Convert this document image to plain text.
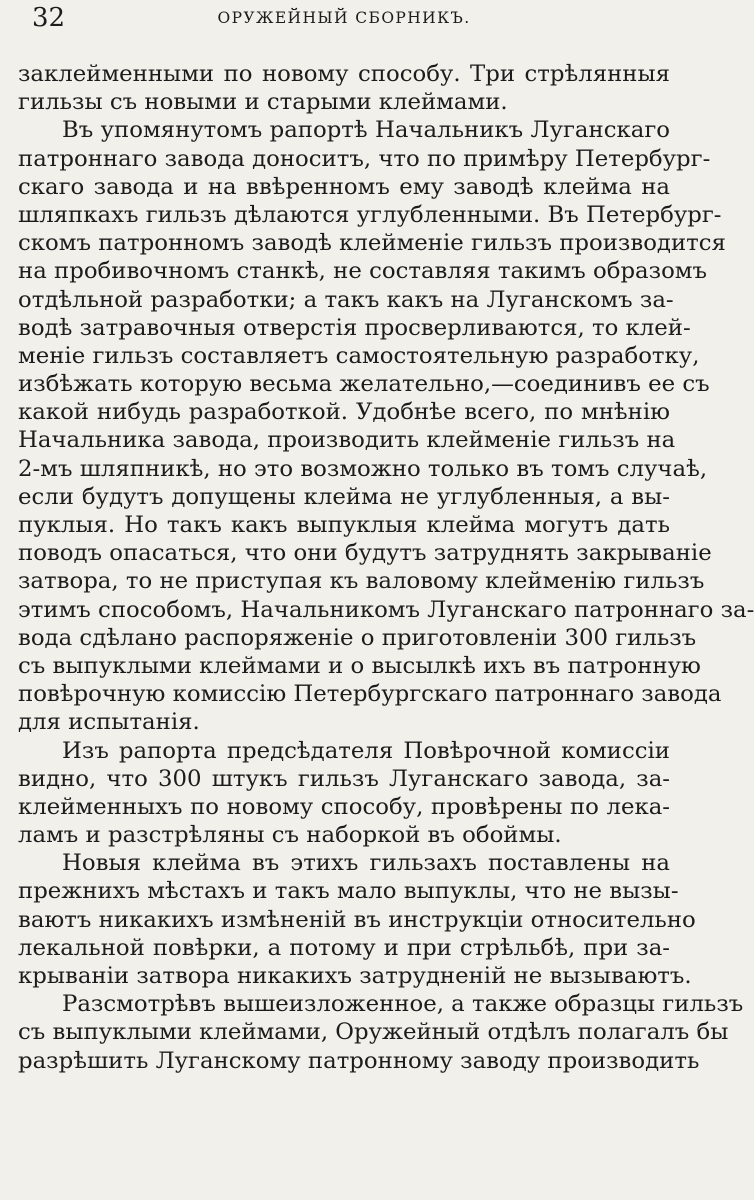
32	ОРУЖЕЙНЫЙ СБОРНИКЪ.
заклейменными по новому способу. Три стрѣлянныя
гильзы съ новыми и старыми клеймами.
Въ упомянутомъ рапортѣ Начальникъ Луганскаго
патроннаго завода доноситъ, что по примѣру Петербург-
скаго завода и на ввѣренномъ ему заводѣ клейма на
шляпкахъ гильзъ дѣлаются углубленными. Въ Петербург-
скомъ патронномъ заводѣ клейменіе гильзъ производится
на пробивочномъ станкѣ, не составляя такимъ образомъ
отдѣльной разработки; а такъ какъ на Луганскомъ за-
водѣ затравочныя отверстія просверливаются, то клей-
меніе гильзъ составляетъ самостоятельную разработку,
избѣжать которую весьма желательно,—соединивъ ее съ
какой нибудь разработкой. Удобнѣе всего, по мнѣнію
Начальника завода, производить клейменіе гильзъ на
2-мъ шляпникѣ, но это возможно только въ томъ случаѣ,
если будутъ допущены клейма не углубленныя, а вы-
пуклыя. Но такъ какъ выпуклыя клейма могутъ дать
поводъ опасаться, что они будутъ затруднять закрываніе
затвора, то не приступая къ валовому клейменію гильзъ
этимъ способомъ, Начальникомъ Луганскаго патроннаго за-
вода сдѣлано распоряженіе о приготовленіи 300 гильзъ
съ выпуклыми клеймами и о высылкѣ ихъ въ патронную
повѣрочную комиссію Петербургскаго патроннаго завода
для испытанія.
Изъ рапорта предсѣдателя Повѣрочной комиссіи
видно, что 300 штукъ гильзъ Луганскаго завода, за-
клейменныхъ по новому способу, провѣрены по лека-
ламъ и разстрѣляны съ наборкой въ обоймы.
Новыя клейма въ этихъ гильзахъ поставлены на
прежнихъ мѣстахъ и такъ мало выпуклы, что не вызы-
ваютъ никакихъ измѣненій въ инструкціи относительно
лекальной повѣрки, а потому и при стрѣльбѣ, при за-
крываніи затвора никакихъ затрудненій не вызываютъ.
Разсмотрѣвъ вышеизложенное, а также образцы гильзъ
съ выпуклыми клеймами, Оружейный отдѣлъ полагалъ бы
разрѣшить Луганскому патронному заводу производить
